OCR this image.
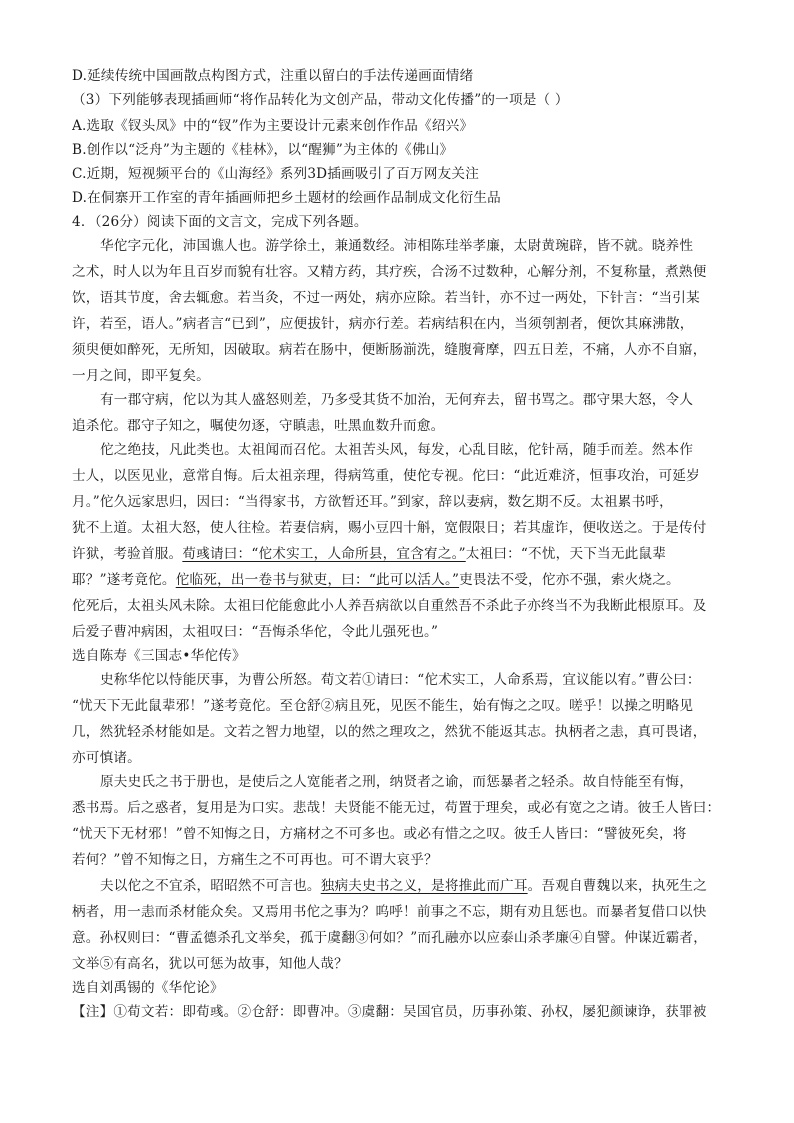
D.延续传统中国画散点构图方式，注重以留白的手法传递画面情绪
（3）下列能够表现插画师“将作品转化为文创产品，带动文化传播”的一项是（ ）
A.选取《钗头凤》中的“钗”作为主要设计元素来创作作品《绍兴》
B.创作以“泛舟”为主题的《桂林》，以“醒狮”为主体的《佛山》
C.近期，短视频平台的《山海经》系列3D插画吸引了百万网友关注
D.在侗寨开工作室的青年插画师把乡土题材的绘画作品制成文化衍生品
4．（26分）阅读下面的文言文，完成下列各题。
华佗字元化，沛国谯人也。游学徐土，兼通数经。沛相陈珪举孝廉，太尉黄琬辟，皆不就。晓养性
之术，时人以为年且百岁而貌有壮容。又精方药，其疗疾，合汤不过数种，心解分剂，不复称量，煮熟便
饮，语其节度，舍去辄愈。若当灸，不过一两处，病亦应除。若当针，亦不过一两处，下针言：“当引某
许，若至，语人。”病者言“已到”，应便拔针，病亦行差。若病结积在内，当须刳割者，便饮其麻沸散，
须臾便如醉死，无所知，因破取。病若在肠中，便断肠湔洗，缝腹膏摩，四五日差，不痛，人亦不自寤，
一月之间，即平复矣。
有一郡守病，佗以为其人盛怒则差，乃多受其货不加治，无何弃去，留书骂之。郡守果大怒，令人
追杀佗。郡守子知之，嘱使勿逐，守瞋恚，吐黑血数升而愈。
佗之绝技，凡此类也。太祖闻而召佗。太祖苦头风，每发，心乱目眩，佗针鬲，随手而差。然本作
士人，以医见业，意常自悔。后太祖亲理，得病笃重，使佗专视。佗曰：“此近难济，恒事攻治，可延岁
月。”佗久远家思归，因曰：“当得家书，方欲暂还耳。”到家，辞以妻病，数乞期不反。太祖累书呼，
犹不上道。太祖大怒，使人往检。若妻信病，赐小豆四十斛，宽假限日；若其虚诈，便收送之。于是传付
许狱，考验首服。荀彧请曰：“佗术实工，人命所县，宜含宥之。”太祖曰：“不忧，天下当无此鼠辈
耶？”遂考竟佗。佗临死，出一卷书与狱吏，曰：“此可以活人。”吏畏法不受，佗亦不强，索火烧之。
佗死后，太祖头风未除。太祖曰佗能愈此小人养吾病欲以自重然吾不杀此子亦终当不为我断此根原耳。及
后爱子曹冲病困，太祖叹曰：“吾悔杀华佗，令此儿强死也。”
选自陈寿《三国志•华佗传》
史称华佗以恃能厌事，为曹公所怒。荀文若①请曰：“佗术实工，人命系焉，宜议能以宥。”曹公曰：
“忧天下无此鼠辈邪！”遂考竟佗。至仓舒②病且死，见医不能生，始有悔之之叹。嗟乎！以操之明略见
几，然犹轻杀材能如是。文若之智力地望，以的然之理攻之，然犹不能返其志。执柄者之恚，真可畏诸，
亦可慎诸。
原夫史氏之书于册也，是使后之人宽能者之刑，纳贤者之谕，而惩暴者之轻杀。故自恃能至有悔，
悉书焉。后之惑者，复用是为口实。悲哉！夫贤能不能无过，苟置于理矣，或必有宽之之请。彼壬人皆曰：
“忧天下无材邪！”曾不知悔之日，方痛材之不可多也。或必有惜之之叹。彼壬人皆曰：“譬彼死矣，将
若何？”曾不知悔之日，方痛生之不可再也。可不谓大哀乎？
夫以佗之不宜杀，昭昭然不可言也。独病夫史书之义，是将推此而广耳。吾观自曹魏以来，执死生之
柄者，用一恚而杀材能众矣。又焉用书佗之事为？呜呼！前事之不忘，期有劝且惩也。而暴者复借口以快
意。孙权则曰：“曹孟德杀孔文举矣，孤于虞翻③何如？”而孔融亦以应泰山杀孝廉④自譬。仲谋近霸者，
文举⑤有高名，犹以可惩为故事，知他人哉？
选自刘禹锡的《华佗论》
【注】①荀文若：即荀彧。②仓舒：即曹冲。③虞翻：吴国官员，历事孙策、孙权，屡犯颜谏诤，获罪被
